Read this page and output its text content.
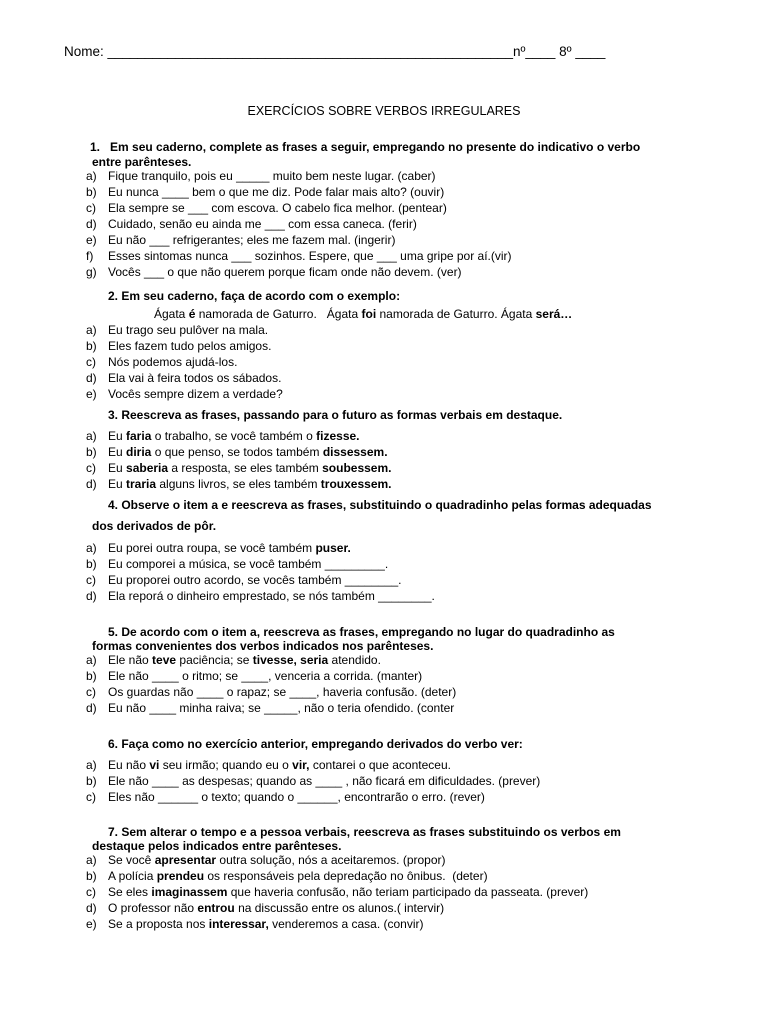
Nome: ______________________________________________________nº____ 8º ____
EXERCÍCIOS SOBRE VERBOS IRREGULARES
1.   Em seu caderno, complete as frases a seguir, empregando no presente do indicativo o verbo
entre parênteses.
a) Fique tranquilo, pois eu _____ muito bem neste lugar. (caber)
b) Eu nunca ____ bem o que me diz. Pode falar mais alto? (ouvir)
c) Ela sempre se ___ com escova. O cabelo fica melhor. (pentear)
d) Cuidado, senão eu ainda me ___ com essa caneca. (ferir)
e) Eu não ___ refrigerantes; eles me fazem mal. (ingerir)
f) Esses sintomas nunca ___ sozinhos. Espere, que ___ uma gripe por aí.(vir)
g) Vocês ___ o que não querem porque ficam onde não devem. (ver)
2. Em seu caderno, faça de acordo com o exemplo:
Ágata é namorada de Gaturro.   Ágata foi namorada de Gaturro. Ágata será…
a) Eu trago seu pulôver na mala.
b) Eles fazem tudo pelos amigos.
c) Nós podemos ajudá-los.
d) Ela vai à feira todos os sábados.
e) Vocês sempre dizem a verdade?
3. Reescreva as frases, passando para o futuro as formas verbais em destaque.
a) Eu faria o trabalho, se você também o fizesse.
b) Eu diria o que penso, se todos também dissessem.
c) Eu saberia a resposta, se eles também soubessem.
d) Eu traria alguns livros, se eles também trouxessem.
4. Observe o item a e reescreva as frases, substituindo o quadradinho pelas formas adequadas
dos derivados de pôr.
a) Eu porei outra roupa, se você também puser.
b) Eu comporei a música, se você também _________.
c) Eu proporei outro acordo, se vocês também ________.
d) Ela reporá o dinheiro emprestado, se nós também ________.
5. De acordo com o item a, reescreva as frases, empregando no lugar do quadradinho as
formas convenientes dos verbos indicados nos parênteses.
a) Ele não teve paciência; se tivesse, seria atendido.
b) Ele não ____ o ritmo; se ____, venceria a corrida. (manter)
c) Os guardas não ____ o rapaz; se ____, haveria confusão. (deter)
d) Eu não ____ minha raiva; se _____, não o teria ofendido. (conter
6. Faça como no exercício anterior, empregando derivados do verbo ver:
a) Eu não vi seu irmão; quando eu o vir, contarei o que aconteceu.
b) Ele não ____ as despesas; quando as ____ , não ficará em dificuldades. (prever)
c) Eles não ______ o texto; quando o ______, encontrarão o erro. (rever)
7. Sem alterar o tempo e a pessoa verbais, reescreva as frases substituindo os verbos em
destaque pelos indicados entre parênteses.
a) Se você apresentar outra solução, nós a aceitaremos. (propor)
b) A polícia prendeu os responsáveis pela depredação no ônibus.  (deter)
c) Se eles imaginassem que haveria confusão, não teriam participado da passeata. (prever)
d) O professor não entrou na discussão entre os alunos.( intervir)
e) Se a proposta nos interessar, venderemos a casa. (convir)
